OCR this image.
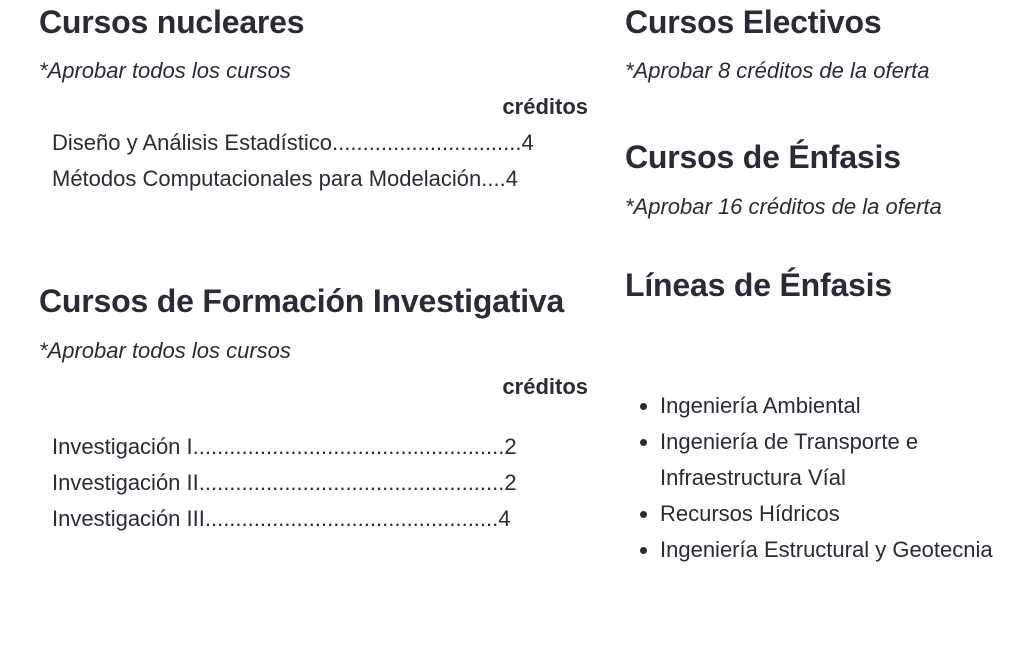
Cursos nucleares
*Aprobar todos los cursos
créditos
Diseño y Análisis Estadístico...............................4
Métodos Computacionales para Modelación....4
Cursos de Formación Investigativa
*Aprobar todos los cursos
créditos
Investigación I...................................................2
Investigación II..................................................2
Investigación III................................................4
Cursos Electivos
*Aprobar 8 créditos de la oferta
Cursos de Énfasis
*Aprobar 16 créditos de la oferta
Líneas de Énfasis
• Ingeniería Ambiental
• Ingeniería de Transporte e Infraestructura Víal
• Recursos Hídricos
• Ingeniería Estructural y Geotecnia
